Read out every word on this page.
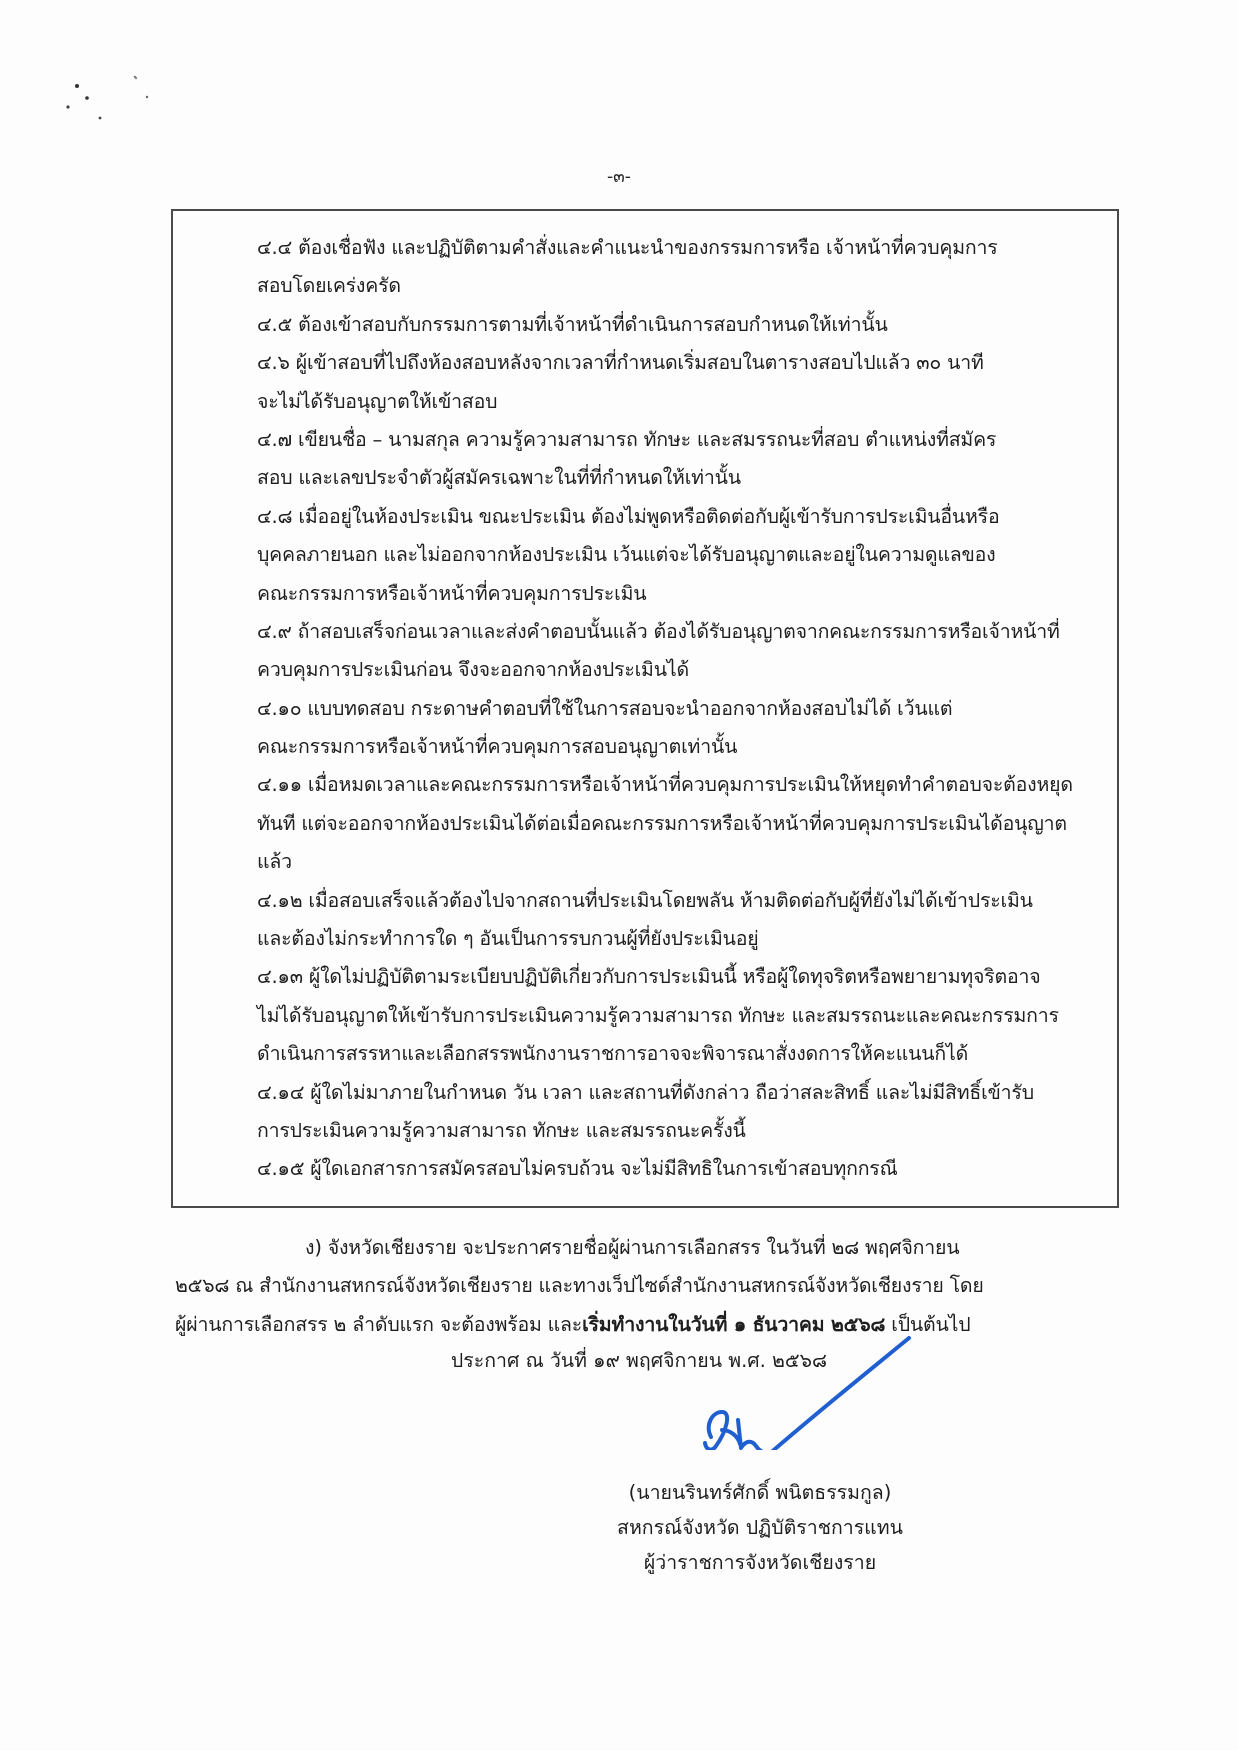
-๓-
๔.๔ ต้องเชื่อฟัง และปฏิบัติตามคำสั่งและคำแนะนำของกรรมการหรือ เจ้าหน้าที่ควบคุมการ
สอบโดยเคร่งครัด
๔.๕ ต้องเข้าสอบกับกรรมการตามที่เจ้าหน้าที่ดำเนินการสอบกำหนดให้เท่านั้น
๔.๖ ผู้เข้าสอบที่ไปถึงห้องสอบหลังจากเวลาที่กำหนดเริ่มสอบในตารางสอบไปแล้ว ๓๐ นาที
จะไม่ได้รับอนุญาตให้เข้าสอบ
๔.๗ เขียนชื่อ – นามสกุล ความรู้ความสามารถ ทักษะ และสมรรถนะที่สอบ ตำแหน่งที่สมัคร
สอบ และเลขประจำตัวผู้สมัครเฉพาะในที่ที่กำหนดให้เท่านั้น
๔.๘ เมื่ออยู่ในห้องประเมิน ขณะประเมิน ต้องไม่พูดหรือติดต่อกับผู้เข้ารับการประเมินอื่นหรือ
บุคคลภายนอก และไม่ออกจากห้องประเมิน เว้นแต่จะได้รับอนุญาตและอยู่ในความดูแลของ
คณะกรรมการหรือเจ้าหน้าที่ควบคุมการประเมิน
๔.๙ ถ้าสอบเสร็จก่อนเวลาและส่งคำตอบนั้นแล้ว ต้องได้รับอนุญาตจากคณะกรรมการหรือเจ้าหน้าที่
ควบคุมการประเมินก่อน จึงจะออกจากห้องประเมินได้
๔.๑๐ แบบทดสอบ กระดาษคำตอบที่ใช้ในการสอบจะนำออกจากห้องสอบไม่ได้ เว้นแต่
คณะกรรมการหรือเจ้าหน้าที่ควบคุมการสอบอนุญาตเท่านั้น
๔.๑๑ เมื่อหมดเวลาและคณะกรรมการหรือเจ้าหน้าที่ควบคุมการประเมินให้หยุดทำคำตอบจะต้องหยุด
ทันที แต่จะออกจากห้องประเมินได้ต่อเมื่อคณะกรรมการหรือเจ้าหน้าที่ควบคุมการประเมินได้อนุญาต
แล้ว
๔.๑๒ เมื่อสอบเสร็จแล้วต้องไปจากสถานที่ประเมินโดยพลัน ห้ามติดต่อกับผู้ที่ยังไม่ได้เข้าประเมิน
และต้องไม่กระทำการใด ๆ อันเป็นการรบกวนผู้ที่ยังประเมินอยู่
๔.๑๓ ผู้ใดไม่ปฏิบัติตามระเบียบปฏิบัติเกี่ยวกับการประเมินนี้ หรือผู้ใดทุจริตหรือพยายามทุจริตอาจ
ไม่ได้รับอนุญาตให้เข้ารับการประเมินความรู้ความสามารถ ทักษะ และสมรรถนะและคณะกรรมการ
ดำเนินการสรรหาและเลือกสรรพนักงานราชการอาจจะพิจารณาสั่งงดการให้คะแนนก็ได้
๔.๑๔ ผู้ใดไม่มาภายในกำหนด วัน เวลา และสถานที่ดังกล่าว ถือว่าสละสิทธิ์ และไม่มีสิทธิ์เข้ารับ
การประเมินความรู้ความสามารถ ทักษะ และสมรรถนะครั้งนี้
๔.๑๕ ผู้ใดเอกสารการสมัครสอบไม่ครบถ้วน จะไม่มีสิทธิในการเข้าสอบทุกกรณี
ง) จังหวัดเชียงราย จะประกาศรายชื่อผู้ผ่านการเลือกสรร ในวันที่ ๒๘ พฤศจิกายน
๒๕๖๘ ณ สำนักงานสหกรณ์จังหวัดเชียงราย และทางเว็ปไซด์สำนักงานสหกรณ์จังหวัดเชียงราย โดย
ผู้ผ่านการเลือกสรร ๒ ลำดับแรก จะต้องพร้อม และเริ่มทำงานในวันที่ ๑ ธันวาคม ๒๕๖๘ เป็นต้นไป
ประกาศ ณ วันที่ ๑๙ พฤศจิกายน พ.ศ. ๒๕๖๘
(นายนรินทร์ศักดิ์ พนิตธรรมกูล)
สหกรณ์จังหวัด ปฏิบัติราชการแทน
ผู้ว่าราชการจังหวัดเชียงราย
